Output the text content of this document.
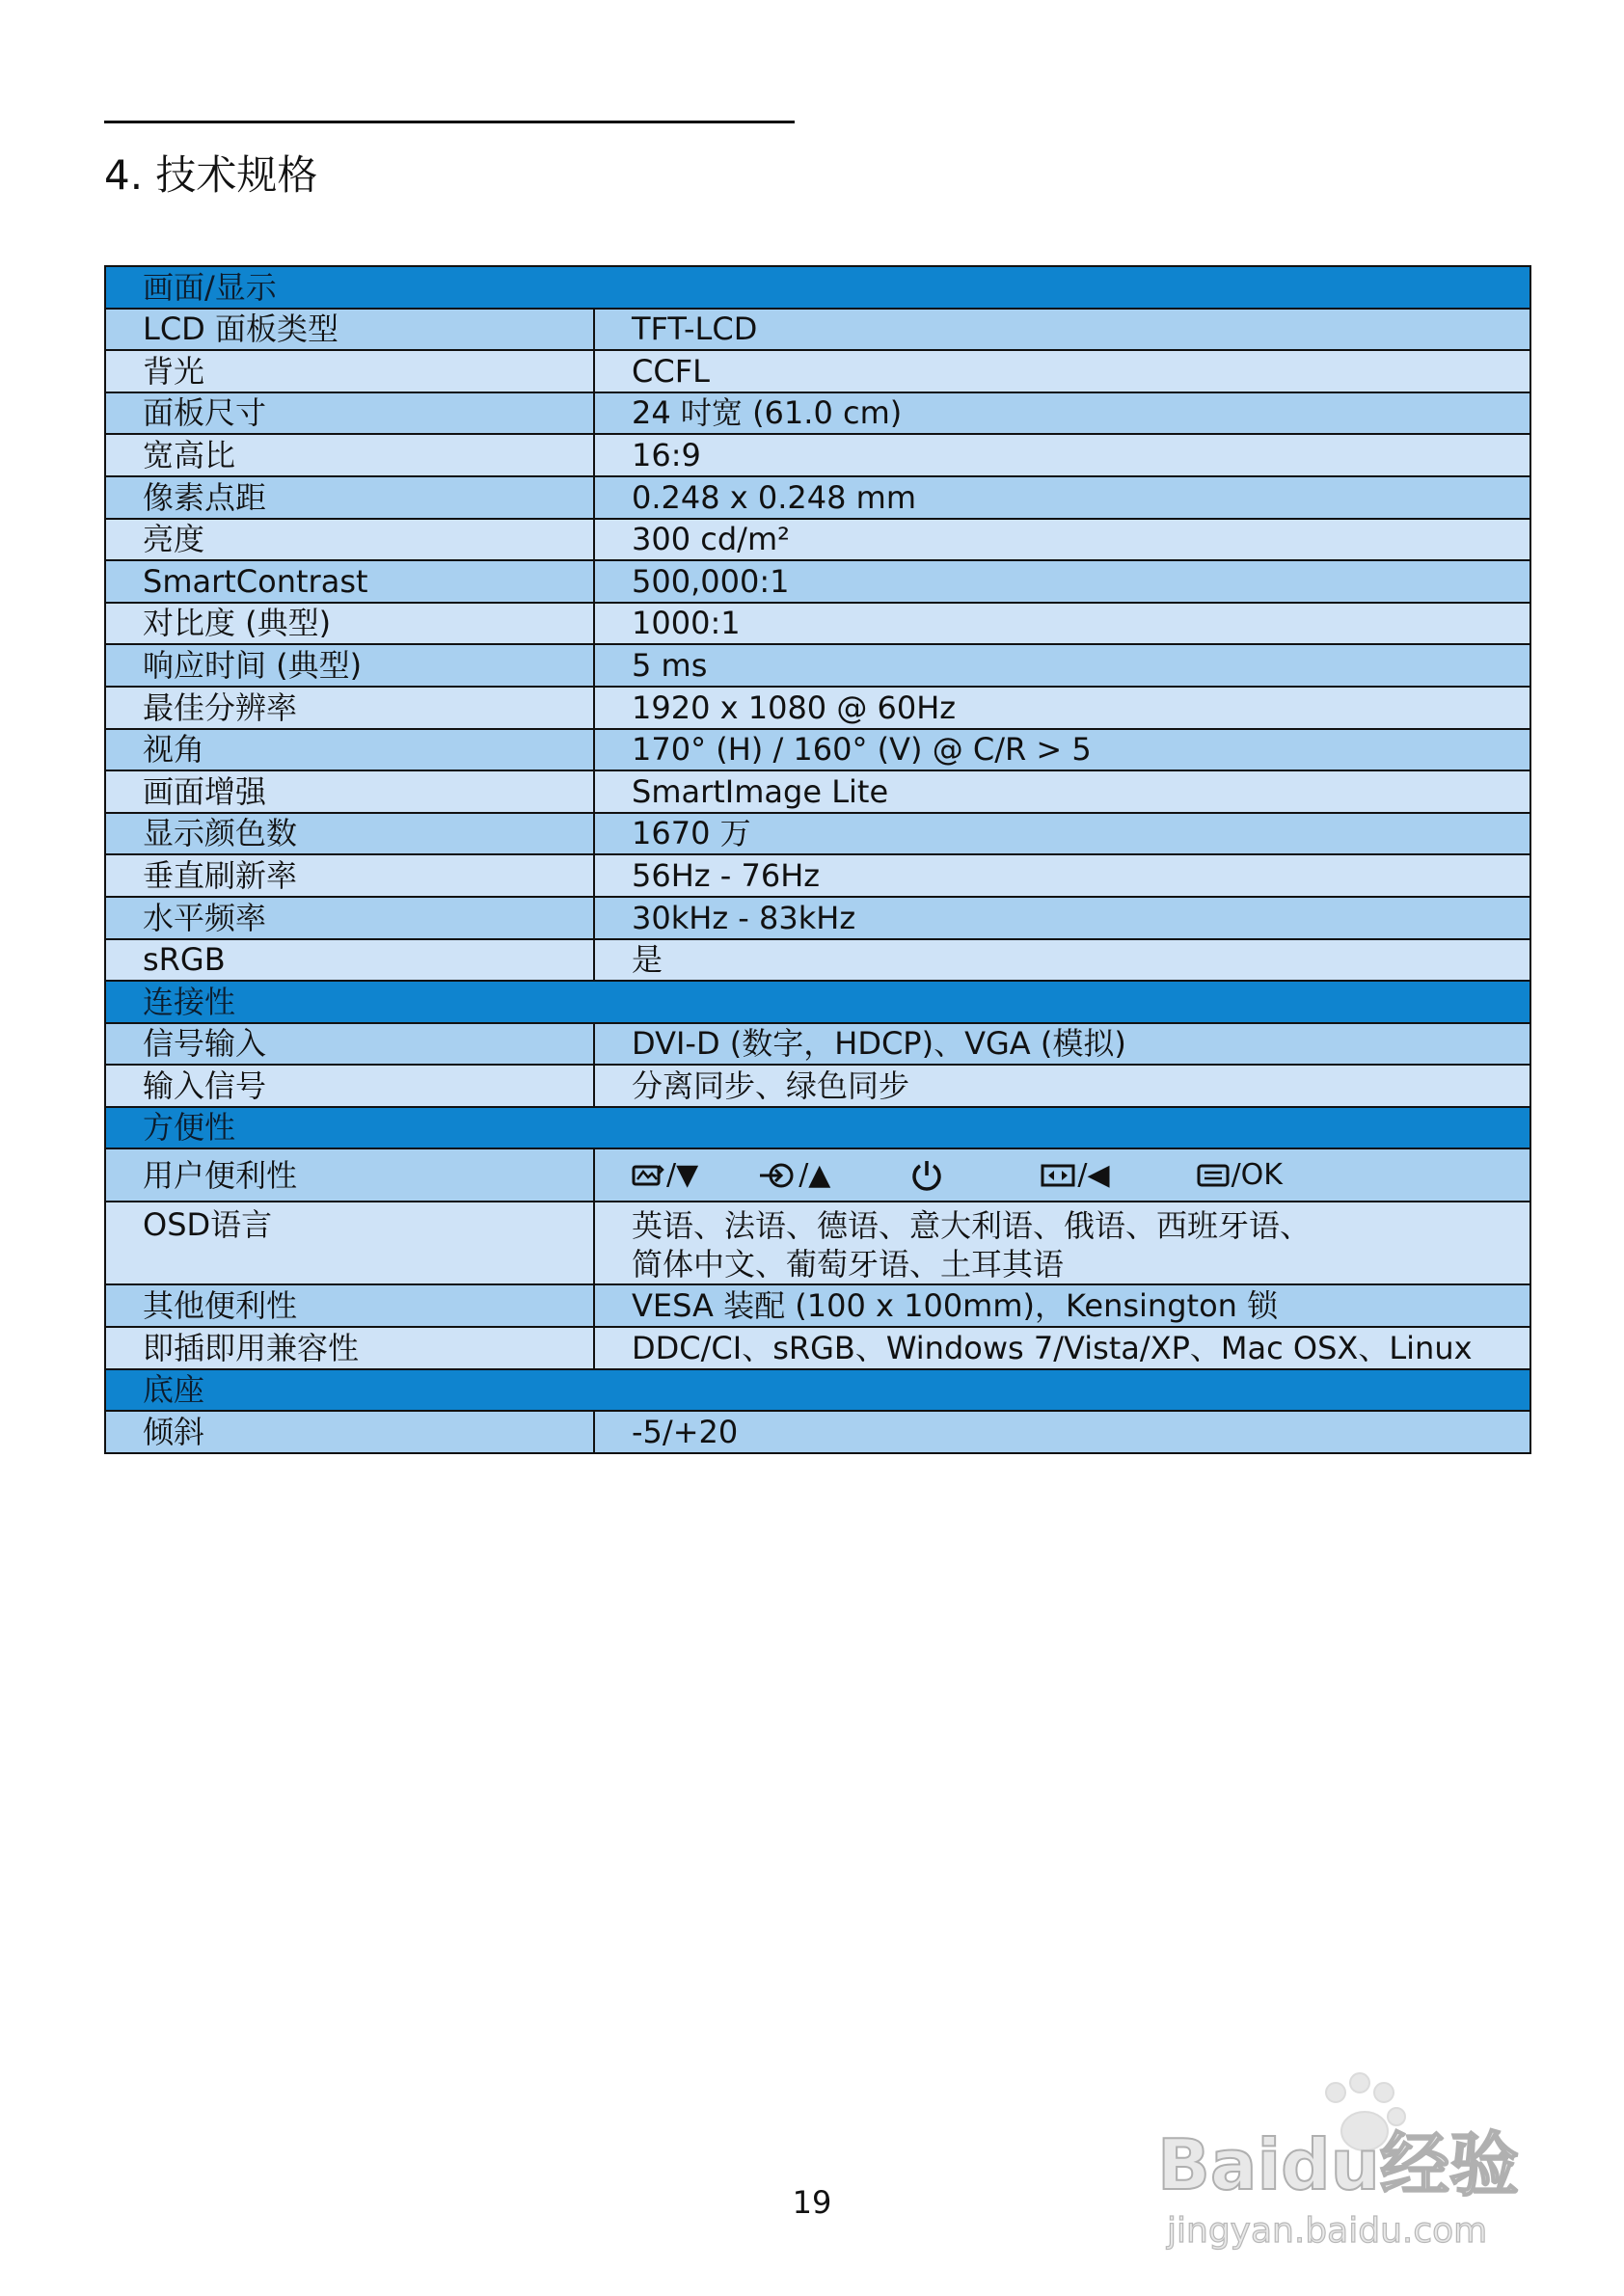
4. 技术规格
画面/显示	
LCD 面板类型	TFT-LCD
背光	CCFL
面板尺寸	24 吋宽 (61.0 cm)
宽高比	16:9
像素点距	0.248 x 0.248 mm
亮度	300 cd/m²
SmartContrast	500,000:1
对比度 (典型)	1000:1
响应时间 (典型)	5 ms
最佳分辨率	1920 x 1080 @ 60Hz
视角	170° (H) / 160° (V) @ C/R > 5
画面增强	SmartImage Lite
显示颜色数	1670 万
垂直刷新率	56Hz - 76Hz
水平频率	30kHz - 83kHz
sRGB	是
连接性	
信号输入	DVI-D (数字，HDCP)、VGA (模拟)
输入信号	分离同步、绿色同步
方便性	
用户便利性	/▼ /▲ /◀ /OK

OSD语言	英语、法语、德语、意大利语、俄语、西班牙语、
简体中文、葡萄牙语、土耳其语

其他便利性	VESA 装配 (100 x 100mm)，Kensington 锁
即插即用兼容性	DDC/CI、sRGB、Windows 7/Vista/XP、Mac OSX、Linux
底座	
倾斜	-5/+20
19	Baidu经验
jingyan.baidu.com
